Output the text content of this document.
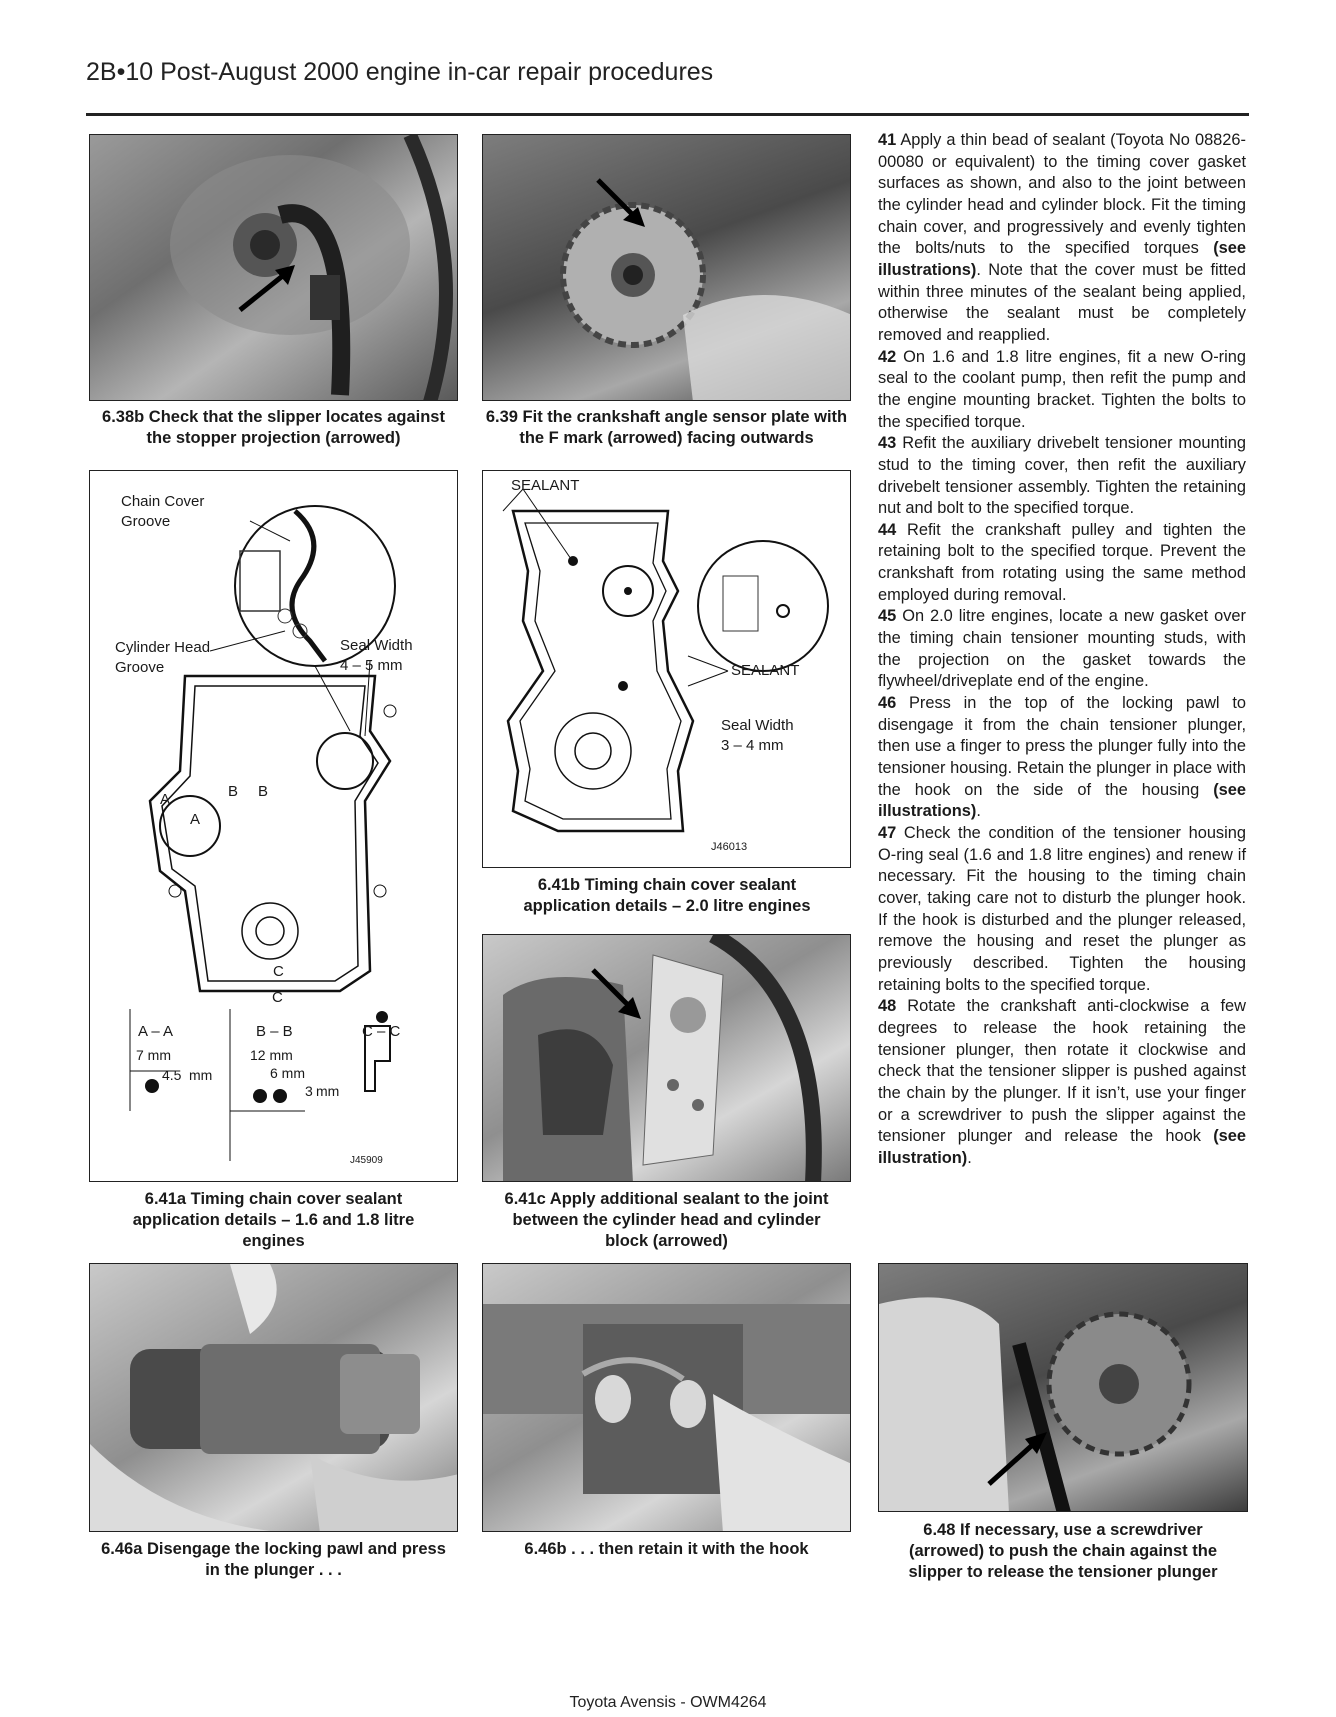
2B•10 Post-August 2000 engine in-car repair procedures
6.38b Check that the slipper locates against the stopper projection (arrowed)
6.39 Fit the crankshaft angle sensor plate with the F mark (arrowed) facing outwards
Chain Cover
Groove
Cylinder Head
Groove
Seal Width
4 – 5 mm
A
A
B B
C
C
A – A	B – B	C – C
7 mm
4.5 mm
12 mm
6 mm
3 mm
J45909
SEALANT
SEALANT
Seal Width
3 – 4 mm
J46013
6.41b Timing chain cover sealant application details – 2.0 litre engines
6.41a Timing chain cover sealant application details – 1.6 and 1.8 litre engines
6.41c Apply additional sealant to the joint between the cylinder head and cylinder block (arrowed)
6.48 If necessary, use a screwdriver (arrowed) to push the chain against the slipper to release the tensioner plunger
6.46a Disengage the locking pawl and press in the plunger . . .
6.46b . . . then retain it with the hook

41 Apply a thin bead of sealant (Toyota No 08826-00080 or equivalent) to the timing cover gasket surfaces as shown, and also to the joint between the cylinder head and cylinder block. Fit the timing chain cover, and progressively and evenly tighten the bolts/nuts to the specified torques (see illustrations). Note that the cover must be fitted within three minutes of the sealant being applied, otherwise the sealant must be completely removed and reapplied.

42 On 1.6 and 1.8 litre engines, fit a new O-ring seal to the coolant pump, then refit the pump and the engine mounting bracket. Tighten the bolts to the specified torque.

43 Refit the auxiliary drivebelt tensioner mounting stud to the timing cover, then refit the auxiliary drivebelt tensioner assembly. Tighten the retaining nut and bolt to the specified torque.

44 Refit the crankshaft pulley and tighten the retaining bolt to the specified torque. Prevent the crankshaft from rotating using the same method employed during removal.

45 On 2.0 litre engines, locate a new gasket over the timing chain tensioner mounting studs, with the projection on the gasket towards the flywheel/driveplate end of the engine.

46 Press in the top of the locking pawl to disengage it from the chain tensioner plunger, then use a finger to press the plunger fully into the tensioner housing. Retain the plunger in place with the hook on the side of the housing (see illustrations).

47 Check the condition of the tensioner housing O-ring seal (1.6 and 1.8 litre engines) and renew if necessary. Fit the housing to the timing chain cover, taking care not to disturb the plunger hook. If the hook is disturbed and the plunger released, remove the housing and reset the plunger as previously described. Tighten the housing retaining bolts to the specified torque.

48 Rotate the crankshaft anti-clockwise a few degrees to release the hook retaining the tensioner plunger, then rotate it clockwise and check that the tensioner slipper is pushed against the chain by the plunger. If it isn’t, use your finger or a screwdriver to push the slipper against the tensioner plunger and release the hook (see illustration).

Toyota Avensis - OWM4264
